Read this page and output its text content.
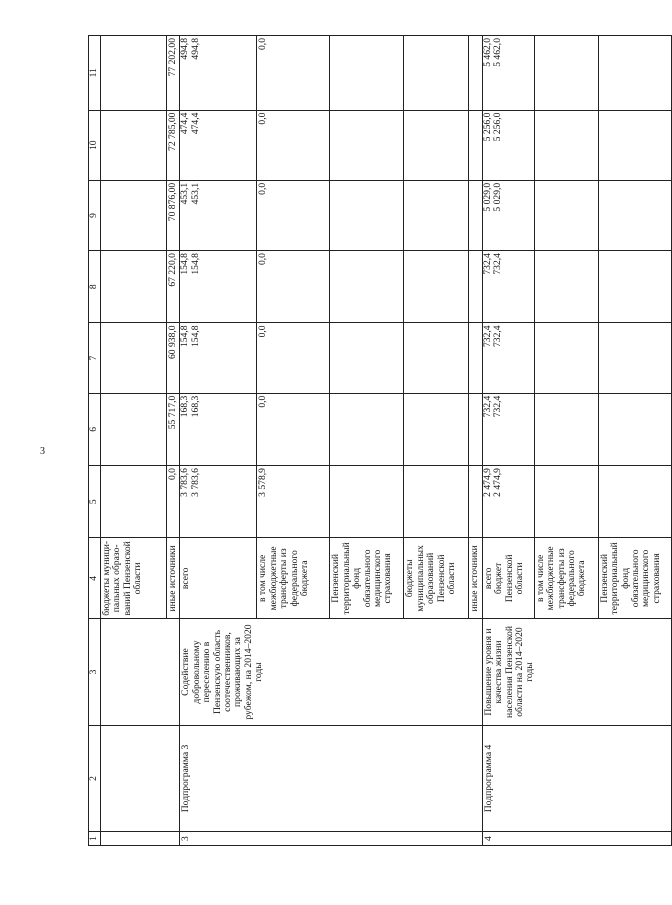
3
1	2	3	4	5	6	7	8	9	10	11
			бюджеты муници-пальных образо-ваний Пензенской области							
			иные источники	0,0	55 717,0	60 938,0	67 220,0	70 876,00	72 785,00	77 202,00
3	Подпрограмма 3	Содействие добровольному переселению в Пензенскую область соотечественников, проживающих за рубежом, на 2014–2020 годы	всего	3 783,6 3 783,6	168,3 168,3	154,8 154,8	154,8 154,8	453,1 453,1	474,4 474,4	494,8 494,8

			в том числе межбюджетные трансферты из федерального бюджета	3 578,9	0,0	0,0	0,0	0,0	0,0	0,0
			Пензенский территориальный фонд обязательного медицинского страхования							
			бюджеты муниципальных образований Пензенской области							
			иные источники							
4	Подпрограмма 4	Повышение уровня и качества жизни населения Пензенской области на 2014–2020 годы	всего бюджет Пензенской области	2 474,9 2 474,9	732,4 732,4	732,4 732,4	732,4 732,4	5 029,0 5 029,0	5 256,0 5 256,0	5 462,0 5 462,0

			в том числе межбюджетные трансферты из федерального бюджета							
			Пензенский территориальный фонд обязательного медицинского страхования							
